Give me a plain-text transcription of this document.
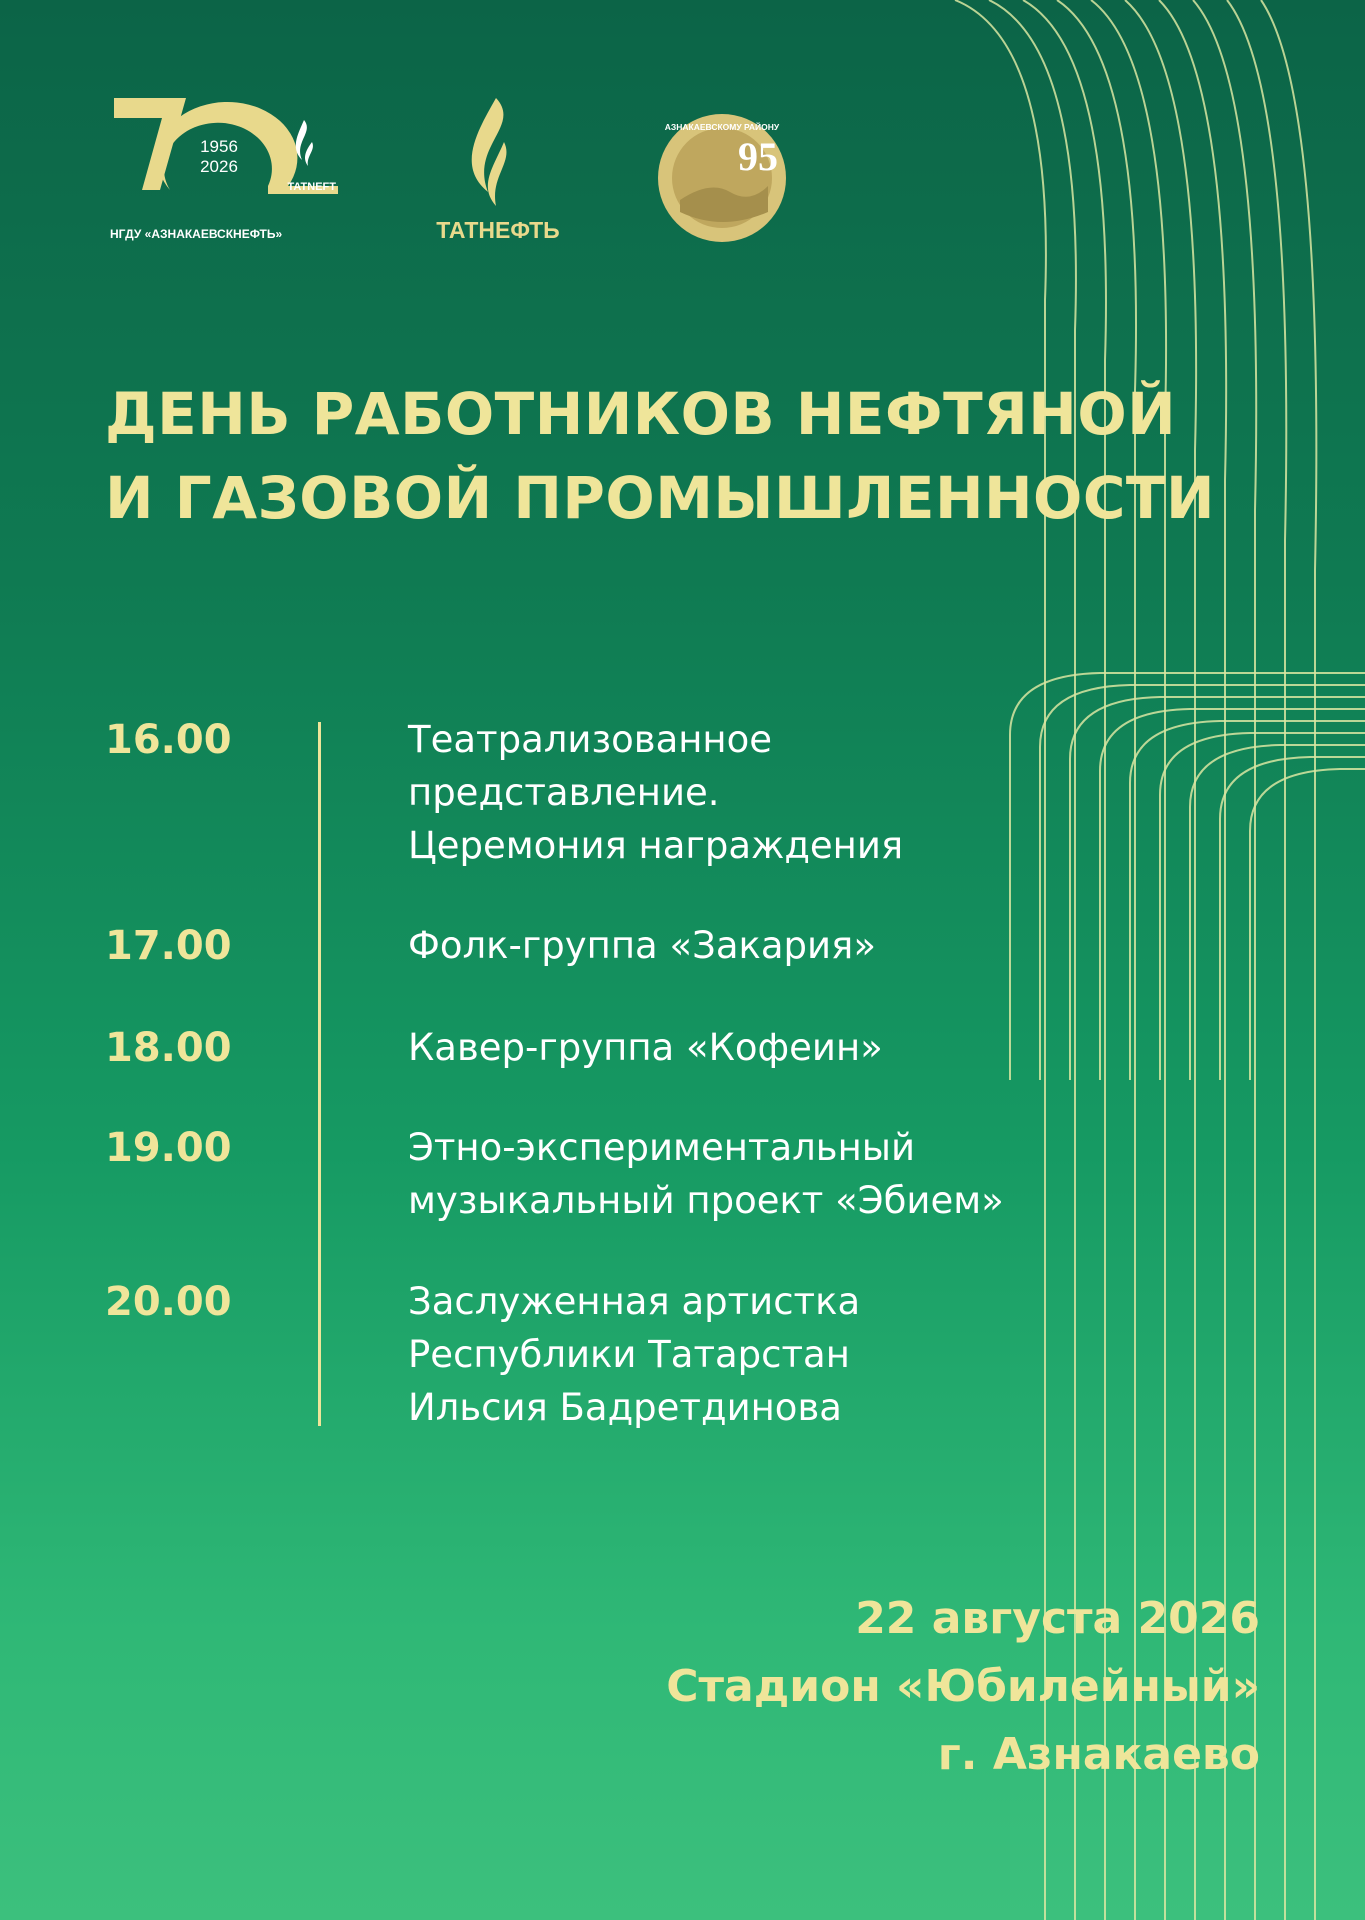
1956
2026
TATNEFT
НГДУ «АЗНАКАЕВСКНЕФТЬ»	ТАТНЕФТЬ
95
АЗНАКАЕВСКОМУ РАЙОНУ
ДЕНЬ РАБОТНИКОВ НЕФТЯНОЙ
И ГАЗОВОЙ ПРОМЫШЛЕННОСТИ
16.00	Театрализованное
представление.
Церемония награждения
17.00	Фолк-группа «Закария»
18.00	Кавер-группа «Кофеин»
19.00	Этно-экспериментальный
музыкальный проект «Эбием»
20.00	Заслуженная артистка
Республики Татарстан
Ильсия Бадретдинова
22 августа 2026
Стадион «Юбилейный»
г. Азнакаево
